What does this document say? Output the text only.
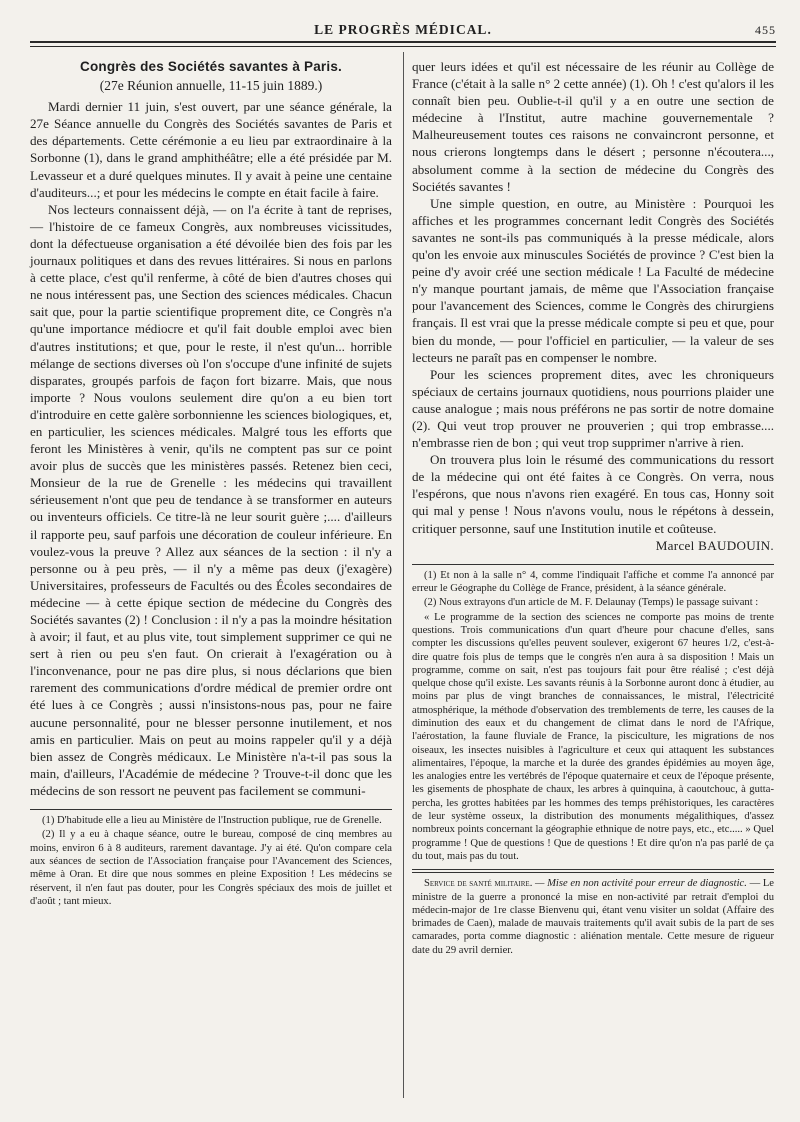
LE PROGRÈS MÉDICAL.	455
Congrès des Sociétés savantes à Paris.
(27e Réunion annuelle, 11-15 juin 1889.)

Mardi dernier 11 juin, s'est ouvert, par une séance générale, la 27e Séance annuelle du Congrès des Sociétés savantes de Paris et des départements. Cette cérémonie a eu lieu par extraordinaire à la Sorbonne (1), dans le grand amphithéâtre; elle a été présidée par M. Levasseur et a duré quelques minutes. Il y avait à peine une centaine d'auditeurs...; et pour les médecins le compte en était facile à faire.

Nos lecteurs connaissent déjà, — on l'a écrite à tant de reprises, — l'histoire de ce fameux Congrès, aux nombreuses vicissitudes, dont la défectueuse organisation a été dévoilée bien des fois par les journaux politiques et dans des revues littéraires. Si nous en parlons à cette place, c'est qu'il renferme, à côté de bien d'autres choses qui ne nous intéressent pas, une Section des sciences médicales. Chacun sait que, pour la partie scientifique proprement dite, ce Congrès n'a qu'une importance médiocre et qu'il fait double emploi avec bien d'autres institutions; et que, pour le reste, il n'est qu'un... horrible mélange de sections diverses où l'on s'occupe d'une infinité de sujets disparates, groupés parfois de façon fort bizarre. Mais, que nous importe ? Nous voulons seulement dire qu'on a eu bien tort d'introduire en cette galère sorbonnienne les sciences biologiques, et, en particulier, les sciences médicales. Malgré tous les efforts que feront les Ministères à venir, qu'ils ne comptent pas sur ce point avoir plus de succès que les ministères passés. Retenez bien ceci, Monsieur de la rue de Grenelle : les médecins qui travaillent sérieusement n'ont que peu de tendance à se transformer en auteurs ou inventeurs officiels. Ce titre-là ne leur sourit guère ;.... d'ailleurs il rapporte peu, sauf parfois une décoration de couleur inférieure. En voulez-vous la preuve ? Allez aux séances de la section : il n'y a personne ou à peu près, — il n'y a même pas deux (j'exagère) Universitaires, professeurs de Facultés ou des Écoles secondaires de médecine — à cette épique section de médecine du Congrès des Sociétés savantes (2) ! Conclusion : il n'y a pas la moindre hésitation à avoir; il faut, et au plus vite, tout simplement supprimer ce qui ne sert à rien ou peu s'en faut. On crierait à l'exagération ou à l'inconvenance, pour ne pas dire plus, si nous déclarions que bien rarement des communications d'ordre médical de premier ordre ont été lues à ce Congrès ; aussi n'insistons-nous pas, pour ne faire aucune personnalité, pour ne blesser personne inutilement, et nos amis en particulier. Mais on peut au moins rappeler qu'il y a déjà bien assez de Congrès médicaux. Le Ministère n'a-t-il pas sous la main, d'ailleurs, l'Académie de médecine ? Trouve-t-il donc que les médecins de son ressort ne peuvent pas facilement se communi-

(1) D'habitude elle a lieu au Ministère de l'Instruction publique, rue de Grenelle.

(2) Il y a eu à chaque séance, outre le bureau, composé de cinq membres au moins, environ 6 à 8 auditeurs, rarement davantage. J'y ai été. Qu'on compare cela aux séances de section de l'Association française pour l'Avancement des Sciences, même à Oran. Et dire que nous sommes en pleine Exposition ! Les médecins se réservent, il n'en faut pas douter, pour les Congrès spéciaux des mois de juillet et d'août ; tant mieux.

quer leurs idées et qu'il est nécessaire de les réunir au Collège de France (c'était à la salle n° 2 cette année) (1). Oh ! c'est qu'alors il les connaît bien peu. Oublie-t-il qu'il y a en outre une section de médecine à l'Institut, autre machine gouvernementale ? Malheureusement toutes ces raisons ne convaincront personne, et nous crierons longtemps dans le désert ; personne n'écoutera..., absolument comme à la section de médecine du Congrès des Sociétés savantes !

Une simple question, en outre, au Ministère : Pourquoi les affiches et les programmes concernant ledit Congrès des Sociétés savantes ne sont-ils pas communiqués à la presse médicale, alors qu'on les envoie aux minuscules Sociétés de province ? C'est bien la peine d'y avoir créé une section médicale ! La Faculté de médecine n'y manque pourtant jamais, de même que l'Association française pour l'avancement des Sciences, comme le Congrès des chirurgiens français. Il est vrai que la presse médicale compte si peu et que, pour bien du monde, — pour l'officiel en particulier, — la valeur de ses lecteurs ne paraît pas en compenser le nombre.

Pour les sciences proprement dites, avec les chroniqueurs spéciaux de certains journaux quotidiens, nous pourrions plaider une cause analogue ; mais nous préférons ne pas sortir de notre domaine (2). Qui veut trop prouver ne prouverien ; qui trop embrasse.... n'embrasse rien de bon ; qui veut trop supprimer n'arrive à rien.

On trouvera plus loin le résumé des communications du ressort de la médecine qui ont été faites à ce Congrès. On verra, nous l'espérons, que nous n'avons rien exagéré. En tous cas, Honny soit qui mal y pense ! Nous n'avons voulu, nous le répétons à dessein, critiquer personne, sauf une Institution inutile et coûteuse.

Marcel BAUDOUIN.

(1) Et non à la salle n° 4, comme l'indiquait l'affiche et comme l'a annoncé par erreur le Géographe du Collège de France, président, à la séance générale.

(2) Nous extrayons d'un article de M. F. Delaunay (Temps) le passage suivant :

« Le programme de la section des sciences ne comporte pas moins de trente questions. Trois communications d'un quart d'heure pour chacune d'elles, sans compter les discussions qu'elles peuvent soulever, exigeront 67 heures 1/2, c'est-à-dire quatre fois plus de temps que le congrès n'en aura à sa disposition ! Mais un programme, comme on sait, n'est pas toujours fait pour être réalisé ; c'est déjà quelque chose qu'il existe. Les savants réunis à la Sorbonne auront donc à étudier, au moins par plus de vingt branches de connaissances, le mistral, l'électricité atmosphérique, la méthode d'observation des tremblements de terre, les causes de la diminution des eaux et du changement de climat dans le nord de l'Afrique, l'aérostation, la faune fluviale de France, la pisciculture, les migrations de nos oiseaux, les insectes nuisibles à l'agriculture et ceux qui attaquent les substances alimentaires, l'époque, la marche et la durée des grandes épidémies au moyen âge, les analogies entre les vertébrés de l'époque quaternaire et ceux de l'époque présente, les gisements de phosphate de chaux, les arbres à quinquina, à caoutchouc, à gutta-percha, les grottes habitées par les hommes des temps préhistoriques, les caractères de leur système osseux, la distribution des monuments mégalithiques, d'assez nombreux points concernant la géographie ethnique de notre pays, etc., etc..... » Quel programme ! Que de questions ! Que de questions ! Et dire qu'on n'a pas parlé de ça du tout, mais pas du tout.

Service de santé militaire. — Mise en non activité pour erreur de diagnostic. — Le ministre de la guerre a prononcé la mise en non-activité par retrait d'emploi du médecin-major de 1re classe Bienvenu qui, étant venu visiter un soldat (Affaire des brimades de Caen), malade de mauvais traitements qu'il avait subis de la part de ses camarades, porta comme diagnostic : aliénation mentale. Cette mesure de rigueur date du 29 avril dernier.
